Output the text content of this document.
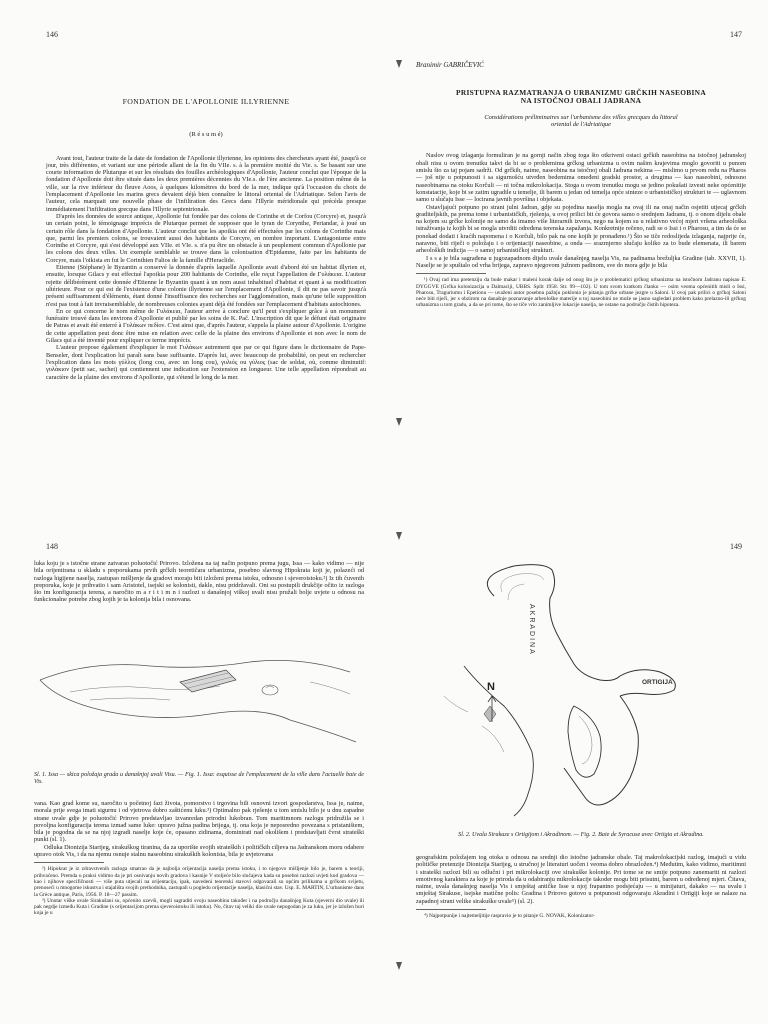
146
FONDATION DE L'APOLLONIE ILLYRIENNE
(R é s u m é)

Avant tout, l'auteur traite de la date de fondation de l'Apollonie illyrienne, les opinions des chercheurs ayant été, jusqu'à ce jour, très différentes, et variant sur une période allant de la fin du VIIe. s. à la première moitié du Vie. s. Se basant sur une courte information de Plutarque et sur les résultats des fouilles archéologiques d'Apollonie, l'auteur conclut que l'époque de la fondation d'Apollonie doit être située dans les deux premières décennies du VIe.s. de l'ère ancienne. La position même de la ville, sur la rive inférieur du fleuve Aoos, à quelques kilomètres du bord de la mer, indique qu'à l'occasion du choix de l'emplacement d'Apollonie les marins grecs devaient déjà bien connaître le littoral oriental de l'Adriatique. Selon l'avis de l'auteur, cela marquait une nouvelle phase de l'infiltration des Grecs dans l'Illyrie méridionale qui précéda presque immédiatement l'infiltration grecque dans l'Illyrie septentrionale.

D'après les données de source antique, Apollonie fut fondée par des colons de Corinthe et de Corfou (Corcyre) et, jusqu'à un certain point, le témoignage imprécis de Plutarque permet de supposer que le tyran de Corynthe, Periandar, à joué un certain rôle dans la fondation d'Apollonie. L'auteur conclut que les apoikia ont été effectuées par les colons de Corinthe mais que, parmi les premiers colons, se trouvaient aussi des habitants de Corcyre, en nombre important. L'antagonisme entre Corinthe et Corcyre, qui s'est développé aux VIIe. et VIe. s. n'a pu être un obstacle à un peuplement commun d'Apollonie par les colons des deux villes. Un exemple semblable se trouve dans la colonisation d'Epidamne, faite par les habitants de Corcyre, mais l'oikista en fut le Corinthien Falios de la famille d'Heraclide.

Etienne (Stéphane) le Byzantin a conservé la donnée d'après laquelle Apollonie avait d'abord été un habitat illyrien et, ensuite, lorsque Gilacs y eut effectué l'apoikia pour 200 habitants de Corinthe, elle reçut l'appellation de Γυλάκεια. L'auteur rejette délibérément cette donnée d'Etienne le Byzantin quant à un nom aussi inhabituel d'habitat et quant à sa modification ultérieure. Pour ce qui est de l'existence d'une colonie illyrienne sur l'emplacement d'Apollonie, il dit ne pas savoir jusqu'à présent suffisamment d'éléments, étant donné l'insuffisance des recherches sur l'agglomération, mais qu'une telle supposition n'est pas tout à fait invraisemblable, de nombreuses colonies ayant déjà été fondées sur l'emplacement d'habitats autochtones.

En ce qui concerne le nom même de Γυλάκεια, l'auteur arrive à conclure qu'il peut s'expliquer grâce à un monument funéraire trouvé dans les environs d'Apollonie et publié par les soins de K. Pač. L'inscription dit que le défunt était originaire de Patras et avait été enterré à Γυλάκων πεδίον. C'est ainsi que, d'après l'auteur, s'appela la plaine autour d'Apollonie. L'origine de cette appellation peut donc être mise en relation avec celle de la plaine des environs d'Apollonie et non avec le nom de Gilacs qui a été inventé pour expliquer ce terme imprécis.

L'auteur propose également d'expliquer le mot Γυλάκων autrement que par ce qui figure dans le dictionnaire de Pape-Benseler, dont l'explication lui paraît sans base suffisante. D'après lui, avec beaucoup de probabilité, on peut en rechercher l'explication dans les mots γύλλος (long cou, avec un long cou), γυλιός ou γύλιος (sac de soldat, où, comme diminutif: γυλάκιον (petit sac, sachet) qui contiennent une indication sur l'extension en longueur. Une telle appellation répondrait au caractère de la plaine des environs d'Apollonie, qui s'étend le long de la mer.

147
Branimir GABRIČEVIĆ
PRISTUPNA RAZMATRANJA O URBANIZMU GRČKIH NASEOBINA
NA ISTOČNOJ OBALI JADRANA
Considérations préliminaires sur l'urbanisme des villes grecques du littoral
oriental de l'Adriatique

Naslov ovog izlaganja formuliran je na gornji način zbog toga što otkriveni ostaci grčkih naseobina na istočnoj jadranskoj obali nisu u ovom trenutku takvi da bi se o problemima grčkog urbanizma u ovim našim krajevima moglo govoriti u punom smislu što za taj pojam sadrži. Od grčkih, naime, naseobina na istočnoj obali Jadrana nekima — mislimo u prvom redu na Pharos — još nije u potpunosti i sa sigurnošću utvrđen bedemima omeđeni gradski prostor, a drugima — kao naseobini, odnosno naseobinama na otoku Korčuli — ni točna mikrolokacija. Stoga u ovom trenutku mogu se jedino pokušati izvesti neke općenitije konstatacije, koje bi se zatim ugradile u temelje, ili barem u jedan od temelja opće sinteze o urbanističkoj strukturi te — uglavnom samo u slučaju Isse — locirana javnih površina i objekata.

Ostavljajući potpuno po strani julni Jadran, gdje su pojedina naselja mogla na ovaj ili na onaj način osjetiti utjecaj grčkih graditeljskih, pa prema tome i urbanističkih, rješenja, u ovoj prilici bit će govora samo o srednjem Jadranu, tj. o onom dijelu obale na kojem su grčke kolonije ne samo da imamo više literarnih izvora, nego na kojem su u relativno većoj mjeri vršena arheološka istraživanja iz kojih bi se mogla utvrditi određena terenska zapažanja. Konkretnije rečeno, radi se o Issi i o Pharosu, a tim da će se ponekad dodati i kraćih napomena i o Korčuli, bilo pak na one kojih je pronađeno.¹) Što se tiče redoslijeda izlaganja, najprije će, naravno, biti riječi o položaju i o orijentaciji naseobine, a onda — srazmjerno slučaju koliko za to bude elemenata, ili barem arheoloških indicija — o samoj urbanističkoj strukturi.

I s s a je bila sagrađena u jugozapadnom dijelu uvale današnjeg naselja Vis, na padinama brežuljka Gradine (tab. XXVII, 1). Naselje se je spuštalo od vrha brijega, zapravo njegovom južnom padinom, sve do mora gdje je bila

¹) Ovaj rad ima pretenziju da bude makar i maleni korak dalje od onog što je o problematici grčkog urbanizma na istočnom Jadranu napisao E. DYGGVE (Grčka kolonizacija u Dalmaciji, UBBS. Split 1958. Str. 99—102). U tom svom kratkom članku — osim veoma općenitih misli o Issi, Pharosu, Traguriumu i Epetionu — uvaženi autor posebnu pažnju poklonio je pitanju grčke urbane jezgre u Saloni. U ovoj pak prilici o grčkoj Saloni neće biti riječi, jer s obzirom na današnje poznavanje arheološke materije u toj naseobini ne može se jasno sagledati problem kako prelazno-ili grčkog urbanizma u tom gradu, a da se pri tome, što se tiče vrlo zanimljive lokacije naselja, ne ostane na području čistih hipoteza.

148

luka koju je s istočne strane zatvarao poluotočić Prirovo. Izložena na taj način potpuno prema jugu, Issa — kako vidimo — nije bila orijentirana u skladu s preporukama prvih grčkih teoretičara urbanizma, posebno slavnog Hipokrata koji je, polazeći od razloga higijene naselja, zastupao mišljenje da gradovi moraju biti izloženi prema istoku, odnosno i sjeveroistoku.²) Iz tih čuvenih preporuka, koje je prihvatio i sam Aristotel, isejski se kolonisti, dakle, nisu pridržavali. Oni su postupili drukčije očito iz razloga što im konfiguracija terena, a naročito m a r i t i m n i razlozi u današnjoj viškoj uvali nisu pružali bolje uvjete u odnosu na funkcionalne potrebe zbog kojih je ta kolonija bila i osnovana.

Sl. 1. Issa — skica položaja grada u današnjoj uvali Visu. — Fig. 1. Issa: esquisse de l'emplacement de la ville dans l'actuelle baie de Vis.

vana. Kao grad kome su, naročito u početnoj fazi života, pomorstvo i trgovina bili osnovni izvori gospodarstva, Issa je, naime, morala prije svega imati sigurnu i od vjetrova dobro zaštićenu luku.³) Optimalno pak rješenje u tom smislu bilo je u dnu zapadne strane uvale gdje je poluotočić Prirovo predstavljao izvanredan prirodni lukobran. Tom maritimnom razlogu pridružila se i povoljna konfiguracija terena izmađ same luke: upravo južna padina brijega, tj. ona koja je neposredno povezana s pristaništem, bila je pogodna da se na njoj izgradi naselje koje će, opasano zidinama, dominirati nad okolišem i predstavljati čvrst strateški punkt (sl. 1).

Odluka Dionizija Starijeg, sirakuškog tiranina, da za uporište svojih strateških i političkih ciljeva na Jadranskom moru odabere upravo otok Vis, i da na njemu osnuje stalnu naseobinu sirakuških kolonista, bila je uvjetovana

²) Hipokrat je iz zdravstvenih razloga smatrao da je najbolja orijentacija naselja prema istoku, i to njegovo mišljenje bilo je, barem u teoriji, prihvaćeno. Premda u praksi vidimo da je pri osnivanju novih gradova i kasnije V stoljeće bilo slučajeva kada su posebni razlozi uvjeti kod gradova — kao i njihove specifičnosti — više puta utjecali na orijentaciju, ipak, navedeni teoretski stavovi odgovarali su općim prilikama u grčkom svijetu, prenoseći u mnogome iskustva i stajališta svojih prethodnika, zastupali u pogledu orijentacije naselja, klasični stav. Usp. E. MARTIN, L'urbanisme dans la Grèce antique, Paris, 1956. P. 18—27 passim.

³) Unutar viške uvale Sirakušani su, općenito uzevši, mogli sagraditi svoju naseobinu također i na području današnjeg Kuta (sjeverni dio uvale) ili pak negdje između Kuta i Gradine (s orijentacijom prema sjeveroistoku ili istoku). No, čitav taj veliki dio uvale nepogodan je za luku, jer je izložen buri koja je u

149
N
AKRADINA
ORTIGIJA
Sl. 2. Uvala Sirakuze s Ortigijom i Akradinom. — Fig. 2. Baie de Syracuse avec Ortigia et Akradina.

geografskim položajem tog otoka u odnosu na srednji dio istočne jadranske obale. Taj makrolokacijski razlog, imajući u vidu političke pretenzije Dionizija Starijeg, u stručnoj je literaturi uočen i veoma dobro obrazložen.⁴) Međutim, kako vidimo, maritimni i strateški razlozi bili su odlučni i pri mikrolokaciji ove sirakuške kolonije. Pri tome se ne smije potpuno zanemariti ni razlozi emotivnog karaktera za koje je priroda da u odabiranju mikrolokacije takoder mogu biti prisutni, barem u određenoj mjeri. Čitava, naime, uvala današnjeg naselja Vis i smještaj antičke Isse u njoj frapantno podsjećaju — u minijaturi, dakako — na uvalu i smještaj Sirakuse, isejske matične polis: Gradina i Prirovo gotovo u potpunosti odgovaraju Akradini i Ortigiji koje se nalaze na zapadnoj strani velike sirakuške uvale⁵) (sl. 2).

⁴) Najpotpunije i najtemeljitije raspravio je to pitanje G. NOVAK, Kolonizator-
